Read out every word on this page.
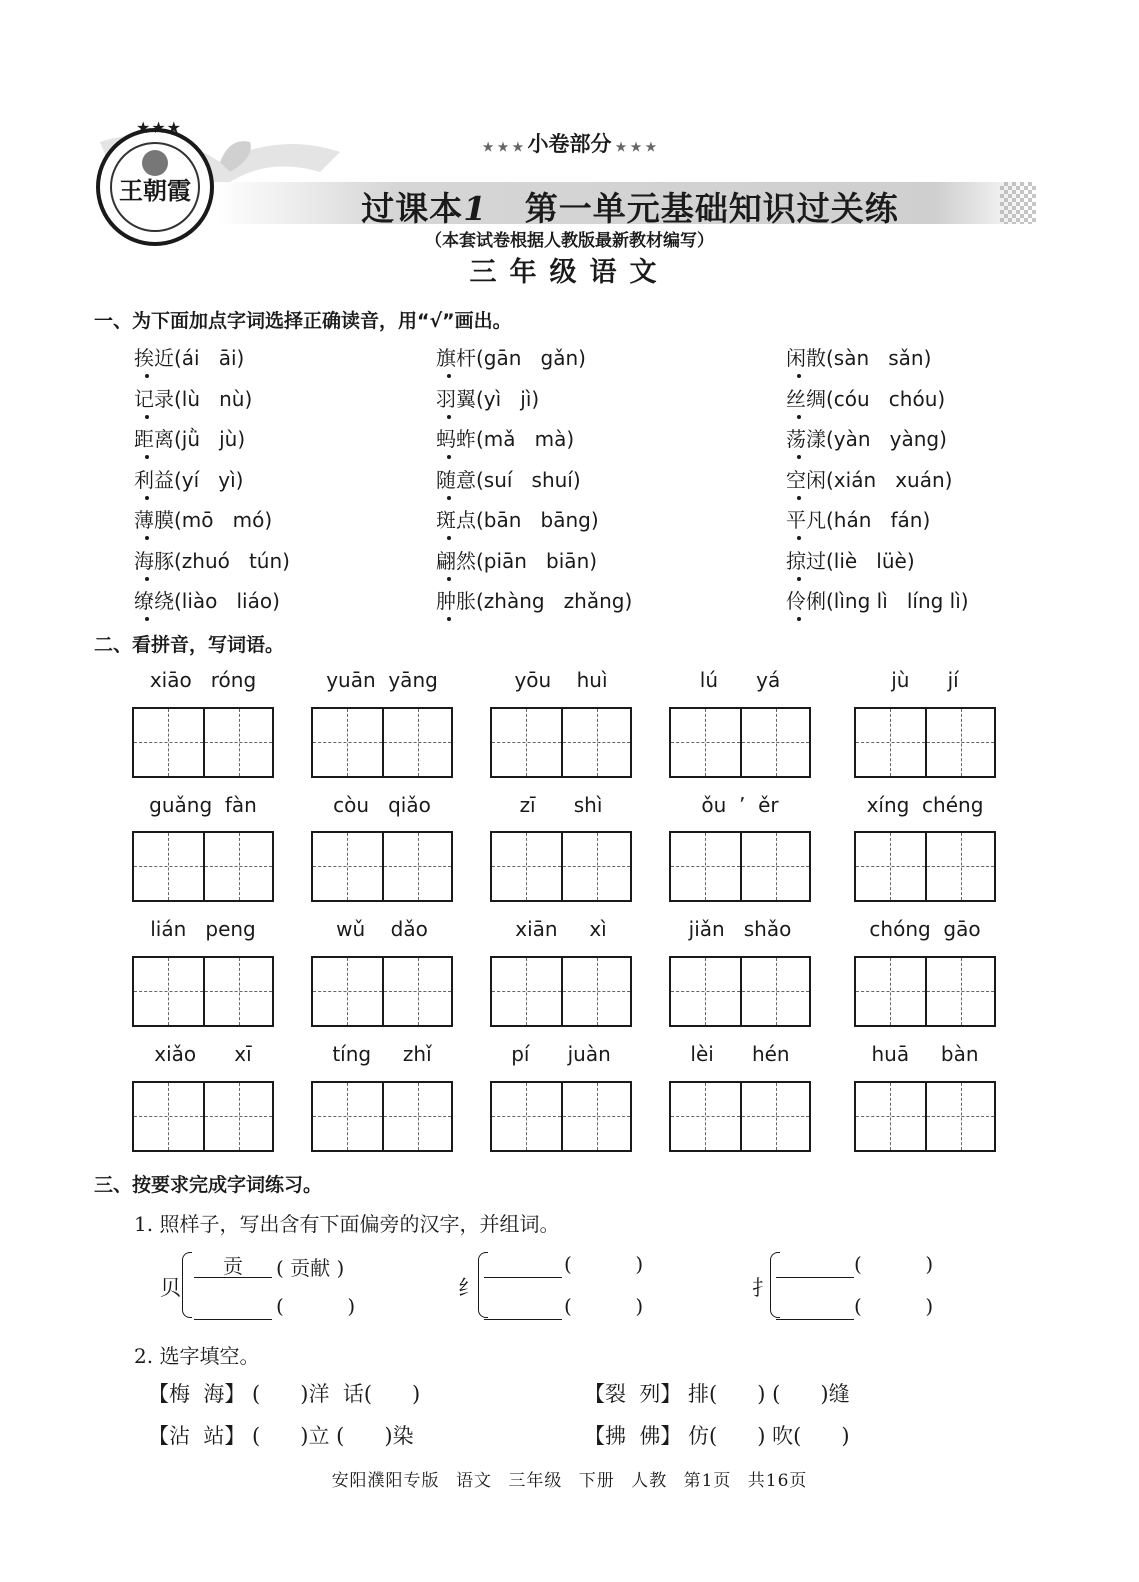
★★★
王朝霞
★ ★ ★ 小卷部分 ★ ★ ★
过课本1 第一单元基础知识过关练
（本套试卷根据人教版最新教材编写）
三年级语文
一、为下面加点字词选择正确读音，用“√”画出。
挨近(ái   āi)	旗杆(gān   gǎn)	闲散(sàn   sǎn)
记录(lù   nù)	羽翼(yì   jì)	丝绸(cóu   chóu)
距离(jǜ   jù)	蚂蚱(mǎ   mà)	荡漾(yàn   yàng)
利益(yí   yì)	随意(suí   shuí)	空闲(xián   xuán)
薄膜(mō   mó)	斑点(bān   bāng)	平凡(hán   fán)
海豚(zhuó   tún)	翩然(piān   biān)	掠过(liè   lüè)
缭绕(liào   liáo)	肿胀(zhàng   zhǎng)	伶俐(lìng lì   líng lì)
二、看拼音，写词语。
xiāo   róng	yuān  yāng	yōu    huì	lú      yá	jù      jí
guǎng  fàn	còu   qiǎo	zī      shì	ǒu  ’  ěr	xíng  chéng
lián   peng	wǔ    dǎo	xiān     xì	jiǎn   shǎo	chóng  gāo
xiǎo      xī	tíng     zhǐ	pí      juàn	lèi      hén	huā     bàn
三、按要求完成字词练习。
1. 照样子，写出含有下面偏旁的汉字，并组词。
贝
贡	( 贡献 )
(          )
纟
(          )
(          )
扌
(          )
(          )
2. 选字填空。
【梅  海】 (      )洋  话(      )	【裂  列】 排(      ) (      )缝
【沾  站】 (      )立 (      )染	【拂  佛】 仿(      ) 吹(      )
安阳濮阳专版 语文 三年级 下册 人教 第1页 共16页
